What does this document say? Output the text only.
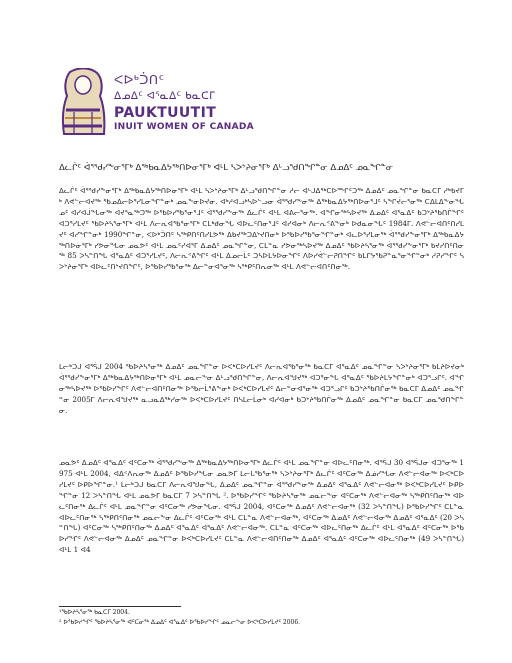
ᐸᐅᒃᑑᑎᑦ
ᐃᓄᐃᑦ ᐊᕐᓇᐃᑦ ᑲᓇᑕᒥ
PAUKTUUTIT
INUIT WOMEN OF CANADA
ᐃᓚᒌᑦ ᐋᕐᖁᓯᖕᓂᕐᒥᒃ ᐃᖅᑲᓇᐃᔭᖅᑎᐅᓂᕐᒥᒃ ᐊᒻᒪ ᓴᐳᔾᔨᓂᕐᒥᒃ ᐃᒡᓗᖁᑎᖏᓐᓂ ᐃᓄᐃᑦ ᓄᓇᖏᓐᓂ

ᐃᓚᒌᑦ ᐋᕐᖁᓯᖕᓂᕐᒥᒃ ᐃᖅᑲᓇᐃᔭᖅᑎᐅᓂᕐᒥᒃ ᐊᒻᒪ ᓴᐳᔾᔨᓂᕐᒥᒃ ᐃᒡᓗᖁᑎᖏᓐᓂ ᓱᓕ ᐊᒡᒍᐃᖅᑕᐅᙱᑦᑐᖅ ᐃᓄᐃᑦ ᓄᓇᖏᓐᓂ ᑲᓇᑕᒥ ᓱᒃᑲᔪᒥᒃ ᐱᕙᓪᓕᐊᔪᖅ ᖃᓄᐃᓕᐅᕐᓯᒪᓂᖏᓐᓂᒃ ᓄᓇᖕᓂᐅᔪᓂ. ᐊᒃᓱᐊᓗᒃᓴᐅᓪᓗᓂ ᐋᕐᖁᓯᖕᓂᖅ ᐃᖅᑲᓇᐃᔭᖅᑎᐅᓂᕐᒧᑦ ᓴᖏᔫᓕᕐᓂᖅ ᑕᐃᒪᐃᖕᓂᖓᓄᑦ ᐊᓯᐊᒎᖓᓂᖅ ᐊᔪᕐᓇᖅᑐᖅ ᐅᖃᐅᓯᖃᕐᓂᕐᒧᑦ ᐋᕐᖁᓯᖕᓂᖅ ᐃᓚᒌᑦ ᐊᒻᒪ ᐊᕕᓕᕐᓂᖅ. ᐊᖏᓂᖅᓴᐅᔪᖅ ᐃᓄᐃᑦ ᐊᕐᓇᐃᑦ ᑲᑐᔾᔨᖃᑎᒌᖏᑦ ᐊᑐᕐᓯᒪᔪᑦ ᖃᐅᔨᓴᕐᓂᕐᒥᒃ ᐊᒻᒪ ᐱᓕᕆᐊᖃᕐᓂᕐᒥᒃ ᑕᒪᒃᑯᓂᖓ ᐊᐅᓚᑦᑎᓂᕐᒧᑦ ᐊᓯᐊᓂᒃ ᐱᓕᕆᕝᕕᖕᓂᒃ ᐅᑯᓇᓂᖓᑦ 1984ᒥ. ᐱᕙᓪᓕᐊᑎᑦᑎᓯᒪᔪᑦ ᐊᓯᖏᓐᓂᒃ 1990ᖏᓐᓂ, ᐸᐅᒃᑑᑎᑦ ᓴᖅᑭᑎᑦᑎᓯᒪᕗᖅ ᐃᑲᔪᖅᑐᐃᔾᔪᑎᓂᒃ ᐅᖃᐅᓯᖃᕐᓂᖏᓐᓂᒃ ᐊᓚᐅᕐᓯᒪᓂᖅ ᐋᕐᖁᓯᖕᓂᕐᒥᒃ ᐃᖅᑲᓇᐃᔭᖅᑎᐅᓂᕐᒥᒃ ᓯᕗᓂᖓᓂ ᓄᓇᕗᑦ ᐊᒻᒪ ᓄᓇᑦᓯᐊᕐᒥ ᐃᓄᐃᑦ ᓄᓇᖏᓐᓂ, ᑕᒪᓐᓇ ᓯᕗᓂᖅᓴᐅᔪᖅ ᐃᓄᐃᑦ ᖃᐅᔨᓴᕐᓂᖅ ᐋᕐᖁᓯᖕᓂᕐᒥᒃ ᑲᔪᓯᑎᑦᑎᓂᖅ 85 ᐳᓴᓐᑎᖓ ᐊᕐᓇᐃᑦ ᐊᑐᕐᓯᒪᔪᑦ, ᐱᓕᕆᕝᕕᖏᑦ ᐊᒻᒪ ᐃᓄᓕᒫᑦ ᑐᓴᐅᒪᔭᐅᓂᖏᑦ ᐱᐅᓯᕚᓪᓕᕈᑎᖏᑦ ᑲᒪᒋᔭᖃᕈᓐᓇᕐᓂᖏᓐᓂᒃ ᓱᕈᓯᖏᑦ ᓴᐳᔾᔨᓂᕐᒥᒃ ᐊᐅᓚᑦᑎᔾᔪᑎᖏᑦ, ᐅᖃᐅᓯᖃᕐᓂᖅ ᐃᓕᓐᓂᐊᕐᓂᖅ ᓴᖅᑭᑦᑎᕆᓂᖅ ᐊᒻᒪ ᐱᕙᓪᓕᐊᑎᑦᑎᓂᖅ.

ᒪᓕᒃᑐᒍ ᐊᕐᕌᒍ 2004 ᖃᐅᔨᓴᕐᓂᖅ ᐃᓄᐃᑦ ᓄᓇᖏᓐᓂ ᐅᐸᒃᑕᐅᓯᒪᔪᑦ ᐱᓕᕆᐊᖃᕐᓂᖅ ᑲᓇᑕᒥ ᐊᕐᓇᐃᑦ ᓄᓇᖏᓐᓂ ᓴᐳᔾᔨᓂᕐᒥᒃ ᑲᒪᔨᐅᔪᓂᒃ ᐋᕐᖁᓯᖕᓂᕐᒥᒃ ᐃᖅᑲᓇᐃᔭᖅᑎᐅᓂᕐᒥᒃ ᐊᒻᒪ ᓄᓇᓕᖕᓂ ᐃᒡᓗᖁᑎᖏᓐᓂ, ᐱᓕᕆᐊᖑᔪᖅ ᐊᑐᕐᓂᖓ ᐊᕐᓇᐃᑦ ᖃᐅᔨᒪᔭᖏᓐᓂᒃ ᐊᑐᕐᓗᒋᑦ. ᐊᖏᓂᖅᓴᐅᔪᖅ ᐅᖃᐅᓯᖏᑦ ᐱᕙᓪᓕᐊᑎᑦᑎᓂᖅ ᐅᖃᓕᒫᕐᕕᖕᓂᒃ ᐅᐸᒃᑕᐅᓯᒪᔪᑦ ᐃᓕᓐᓂᐊᕐᓂᖅ ᐊᑐᕐᓗᒋᑦ ᑲᑐᔾᔨᖃᑎᒌᓂᖅ ᑲᓇᑕᒥ ᐃᓄᐃᑦ ᓄᓇᖏᓐᓂ 2005ᒥ ᐱᓕᕆᐊᖑᔪᖅ ᓇᓗᓇᐃᖅᓯᓂᖅ ᐅᐸᒃᑕᐅᓯᒪᔪᑦ ᑎᓴᒪᓕᒫᓂᒃ ᐊᓯᐊᓂᒃ ᑲᑐᔾᔨᖃᑎᒌᓂᖅ ᐃᓄᐃᑦ ᓄᓇᖏᓐᓂ ᑲᓇᑕᒥ ᓄᓇᖁᑎᖏᓐᓂ.

ᓄᓇᕗᑦ ᐃᓄᐃᑦ ᐊᕐᓇᐃᑦ ᐊᑦᑕᓂᖅ ᐋᕐᖁᓯᖕᓂᖅ ᐃᖅᑲᓇᐃᔭᖅᑎᐅᓂᕐᒥᒃ ᐃᓚᒌᑦ ᐊᒻᒪ ᓄᓇᖏᓐᓂ ᐊᐅᓚᑦᑎᓂᖅ. ᐊᕐᕌᒍ 30 ᐊᕐᕌᒍᓂ ᐊᑐᕐᓂᖅ 1975 ᐊᒻᒪ 2004, ᐊᐃᑉᐱᕆᓂᖅ ᐃᓄᐃᑦ ᐅᖃᐅᓯᖓᓂ ᓄᓇᕗᒥ ᒪᓕᒐᖃᕐᓂᖅ ᓴᐳᔾᔨᓂᕐᒥᒃ ᐃᓚᒌᑦ ᐊᑦᑕᓂᖅ ᐃᓅᓯᖓᓂ ᐱᕙᓪᓕᐊᓂᖅ ᐅᐸᒃᑕᐅᓯᒪᔪᑦ ᐅᑭᐅᖏᓐᓂ.¹ ᒪᓕᒃᑐᒍ ᑲᓇᑕᒥ ᐱᓕᕆᐊᖑᓂᖓ, ᐃᓄᐃᑦ ᓄᓇᖏᓐᓂ ᐋᕐᖁᓯᖕᓂᖅ ᐃᓄᐃᑦ ᐊᕐᓇᐃᑦ ᐱᕙᓪᓕᐊᓂᖅ ᐅᐸᒃᑕᐅᓯᒪᔪᑦ ᐅᑭᐅᖏᓐᓂ 12 ᐳᓴᓐᑎᖓ ᐊᒻᒪ ᓄᓇᕗᒥ ᑲᓇᑕᒥ 7 ᐳᓴᓐᑎᖓ ². ᐅᖃᐅᓯᖏᑦ ᖃᐅᔨᓴᕐᓂᖅ ᓄᓇᓕᖕᓂ ᐊᑦᑕᓂᖅ ᐱᕙᓪᓕᐊᓂᖅ ᓴᖅᑭᑎᑦᑎᓂᖅ ᐊᐅᓚᑦᑎᓂᖅ ᐃᓚᒌᑦ ᐊᒻᒪ ᓄᓇᖏᓐᓂ ᐊᑦᑕᓂᖅ ᓯᕗᓂᖓᓂ. ᐊᕐᕌᒍ 2004, ᐊᑦᑕᓂᖅ ᐃᓄᐃᑦ ᐱᕙᓪᓕᐊᓂᖅ (32 ᐳᓴᓐᑎᖓ) ᐅᖃᐅᓯᖏᑦ ᑕᒪᓐᓇ ᐊᐅᓚᑦᑎᓂᖅ ᓴᖅᑭᑎᑦᑎᓂᖅ ᓄᓇᓕᖕᓂ ᐃᓚᒌᑦ ᐊᑦᑕᓂᖅ ᐊᒻᒪ ᑕᒪᓐᓇ ᐱᕙᓪᓕᐊᓂᖅ, ᐊᑦᑕᓂᖅ ᐃᓄᐃᑦ ᐱᕙᓪᓕᐊᓂᖅ ᐃᓄᐃᑦ ᐊᕐᓇᐃᑦ (20 ᐳᓴᓐᑎᖓ) ᐊᑦᑕᓂᖅ ᓴᖅᑭᑎᑦᑎᓂᖅ ᐃᓄᐃᑦ ᐊᕐᓇᐃᑦ ᐊᕐᓇᐃᑦ ᐱᕙᓪᓕᐊᓂᖅ. ᑕᒪᓐᓇ ᐊᑦᑕᓂᖅ ᐊᐅᓚᑦᑎᓂᖅ ᐃᓚᒌᑦ ᐊᒻᒪ ᐊᕐᓇᐃᑦ ᐊᑦᑕᓂᖅ ᐅᖃᐅᓯᖏᑦ ᐱᕙᓪᓕᐊᓂᖅ ᐃᓄᐃᑦ ᓄᓇᖏᓐᓂ ᐅᐸᒃᑕᐅᓯᒪᔪᑦ ᑕᒪᓐᓇ ᐱᕙᓪᓕᐊᑎᑦᑎᓂᖅ ᐃᓄᐃᑦ ᐊᕐᓇᐃᑦ ᐊᑦᑕᓂᖅ ᐊᐅᓚᑦᑎᓂᖅ (49 ᐳᓴᓐᑎᖓ) ᐊᒻᒪ 1 ᐊ4

¹ᖃᐅᔨᓴᕐᓂᖅ ᑲᓇᑕᒥ 2004.
² ᐅᖃᐅᓯᖏᑦ ᖃᐅᔨᓴᕐᓂᖅ ᐊᑦᑕᓂᖅ ᐃᓄᐃᑦ ᐊᕐᓇᐃᑦ ᐅᖃᐅᓯᖏᑦ ᓄᓇᓕᖕᓂ ᐅᐸᒃᑕᐅᓯᒪᔪᑦ 2006.
